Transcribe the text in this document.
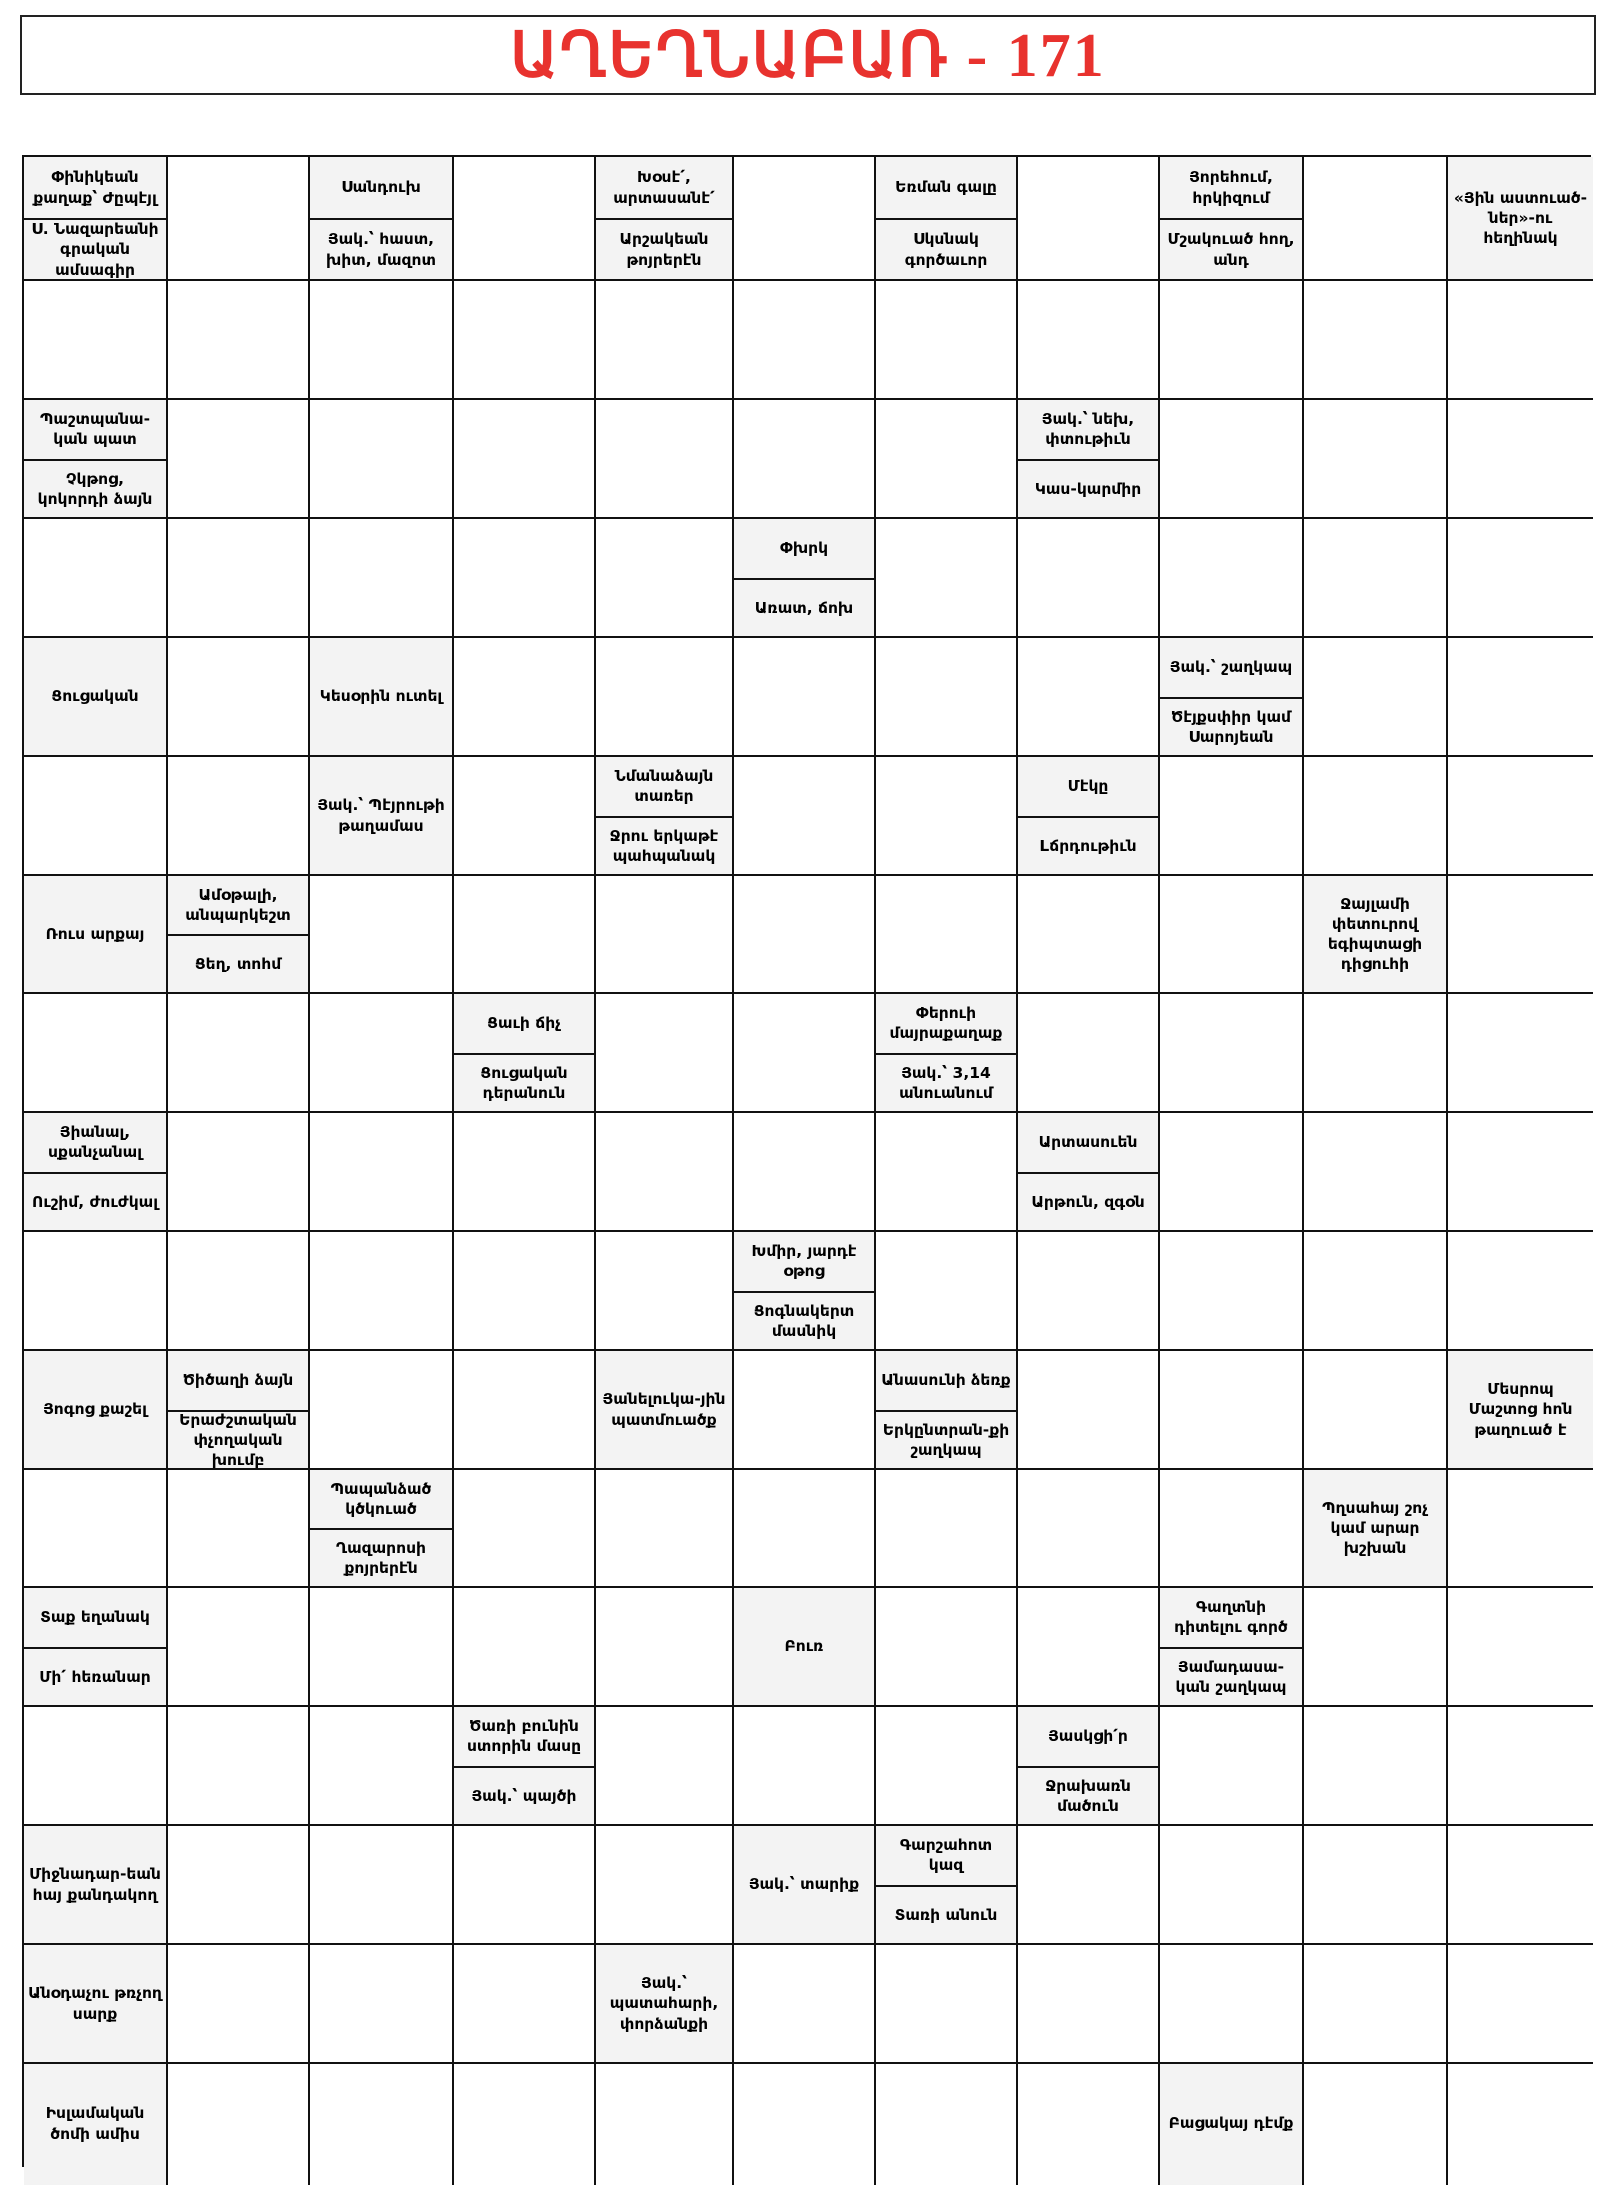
ԱՂԵՂՆԱԲԱՌ - 171
Փինիկեան քաղաք՝ Ժըպէյլ
Ս. Նազարեանի գրական ամսագիր
Սանդուխ
Յակ.՝ հաստ, խիտ, մազոտ
Խօսէ՛, արտասանէ՛
Արշակեան թոյրերէն
Եռման գալը
Սկսնակ գործաւոր
Յորեհում, հրկիզում
Մշակուած հող, անդ
«Յին աստուած-ներ»-ու հեղինակ
Պաշտպանա-կան պատ
Չկթոց, կոկորդի ձայն
Յակ.՝ նեխ, փտութիւն
Կաս-կարմիր
Փխրկ
Առատ, ճոխ
Ցուցական	Կեսօրին ուտել
Յակ.՝ շաղկապ
Ծէյքսփիր կամ Սարոյեան
Յակ.՝ Պէյրութի թաղամաս
Նմանաձայն տառեր
Ջրու երկաթէ պահպանակ
Մէկը
Lճրդութիւն
Ռուս արքայ
Ամօթալի, անպարկեշտ
Ցեղ, տոհմ
Ջայլամի փետուրով եգիպտացի դիցուհի
Ցաւի ճիչ
Ցուցական դերանուն
Փերուի մայրաքաղաք
Յակ.՝ 3,14 անուանում
Յիանալ, սքանչանալ
Ուշիմ, ժուժկալ
Արտասուեն
Արթուն, զգօն
Խմիր, յարդէ օթոց
Ցոգնակերտ մասնիկ
Յոգոց քաշել
Ծիծաղի ձայն
Երաժշտական փչողական խումբ
Յանելուկա-յին պատմուածք
Անասունի ձեռք
Երկընտրան-քի շաղկապ
Մեսրոպ Մաշտոց հոն թաղուած է
Պապանձած կծկուած
Ղազարոսի քոյրերէն
Պղսահայ շոչ կամ արար խշխան
Տաք եղանակ
Մի՛ հեռանար
Բուռ
Գաղտնի դիտելու գործ
Յամադասա-կան շաղկապ
Ծառի բունին ստորին մասը
Յակ.՝ պայծի
Յասկցի՛ր
Ջրախառն մածուն
Միջնադար-եան հայ քանդակող
Յակ.՝ տարիք
Գարշահոտ կազ
Տառի անուն
Անօդաչու թռչող սարք
Յակ.՝ պատահարի, փորձանքի
Իսլամական ծոմի ամիս
Բացակայ դէմք
